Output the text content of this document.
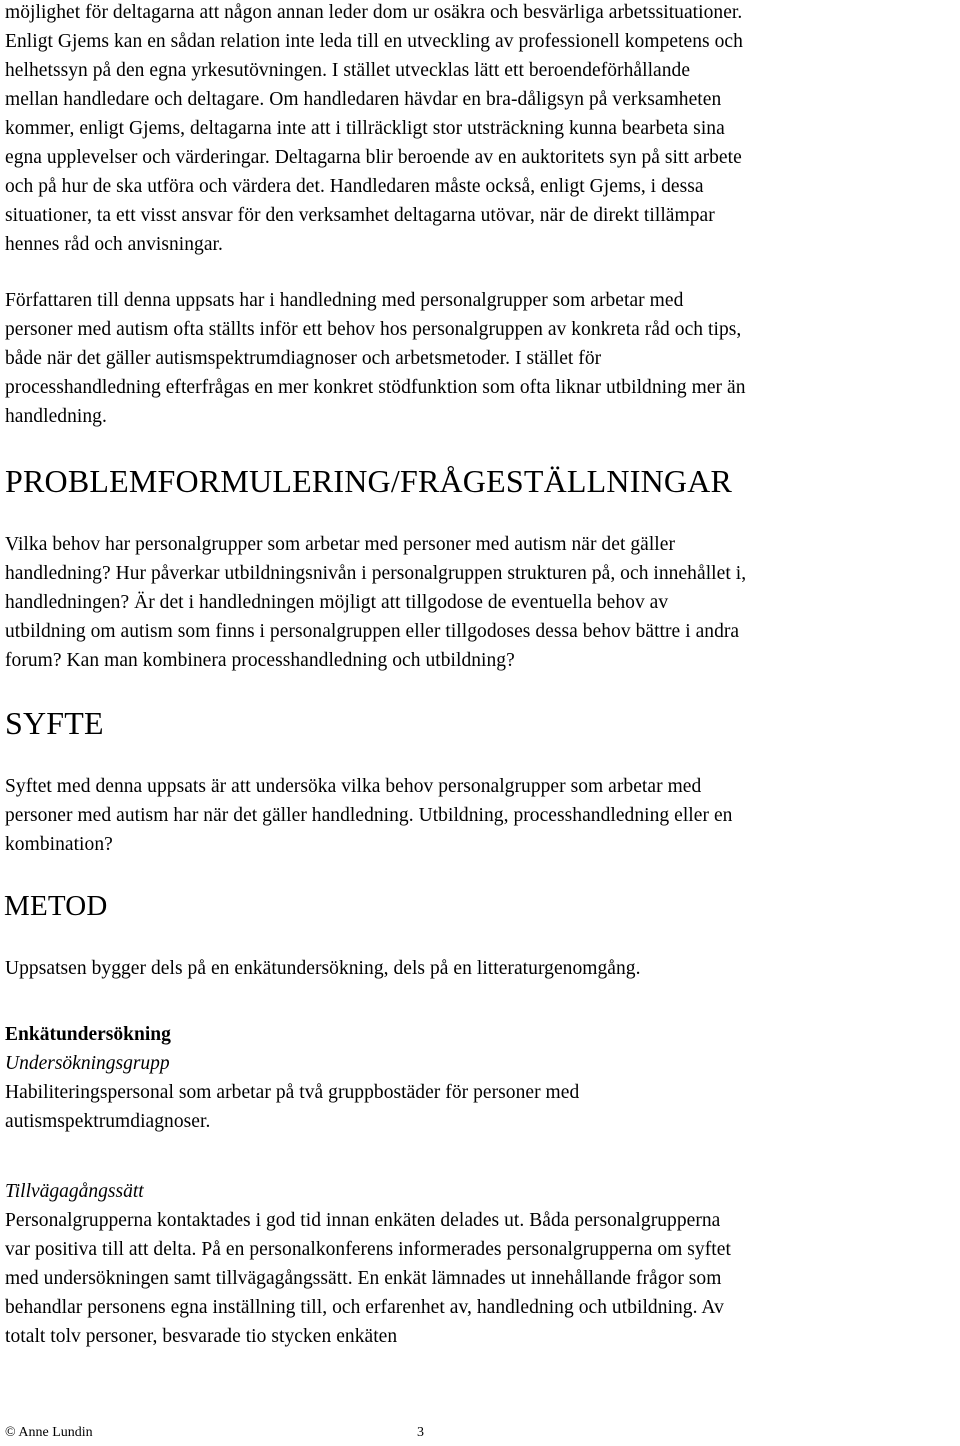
möjlighet för deltagarna att någon annan leder dom ur osäkra och besvärliga arbetssituationer.
Enligt Gjems kan en sådan relation inte leda till en utveckling av professionell kompetens och
helhetssyn på den egna yrkesutövningen. I stället utvecklas lätt ett beroendeförhållande
mellan handledare och deltagare. Om handledaren hävdar en bra-dåligsyn på verksamheten
kommer, enligt Gjems, deltagarna inte att i tillräckligt stor utsträckning kunna bearbeta sina
egna upplevelser och värderingar. Deltagarna blir beroende av en auktoritets syn på sitt arbete
och på hur de ska utföra och värdera det. Handledaren måste också, enligt Gjems, i dessa
situationer, ta ett visst ansvar för den verksamhet deltagarna utövar, när de direkt tillämpar
hennes råd och anvisningar.
Författaren till denna uppsats har i handledning med personalgrupper som arbetar med
personer med autism ofta ställts inför ett behov hos personalgruppen av konkreta råd och tips,
både när det gäller autismspektrumdiagnoser och arbetsmetoder. I stället för
processhandledning efterfrågas en mer konkret stödfunktion som ofta liknar utbildning mer än
handledning.
PROBLEMFORMULERING/FRÅGESTÄLLNINGAR
Vilka behov har personalgrupper som arbetar med personer med autism när det gäller
handledning? Hur påverkar utbildningsnivån i personalgruppen strukturen på, och innehållet i,
handledningen? Är det i handledningen möjligt att tillgodose de eventuella behov av
utbildning om autism som finns i personalgruppen eller tillgodoses dessa behov bättre i andra
forum? Kan man kombinera processhandledning och utbildning?
SYFTE
Syftet med denna uppsats är att undersöka vilka behov personalgrupper som arbetar med
personer med autism har när det gäller handledning. Utbildning, processhandledning eller en
kombination?
METOD
Uppsatsen bygger dels på en enkätundersökning, dels på en litteraturgenomgång.
Enkätundersökning
Undersökningsgrupp
Habiliteringspersonal som arbetar på två gruppbostäder för personer med
autismspektrumdiagnoser.
Tillvägagångssätt
Personalgrupperna kontaktades i god tid innan enkäten delades ut. Båda personalgrupperna
var positiva till att delta. På en personalkonferens informerades personalgrupperna om syftet
med undersökningen samt tillvägagångssätt. En enkät lämnades ut innehållande frågor som
behandlar personens egna inställning till, och erfarenhet av, handledning och utbildning. Av
totalt tolv personer, besvarade tio stycken enkäten
© Anne Lundin	3
